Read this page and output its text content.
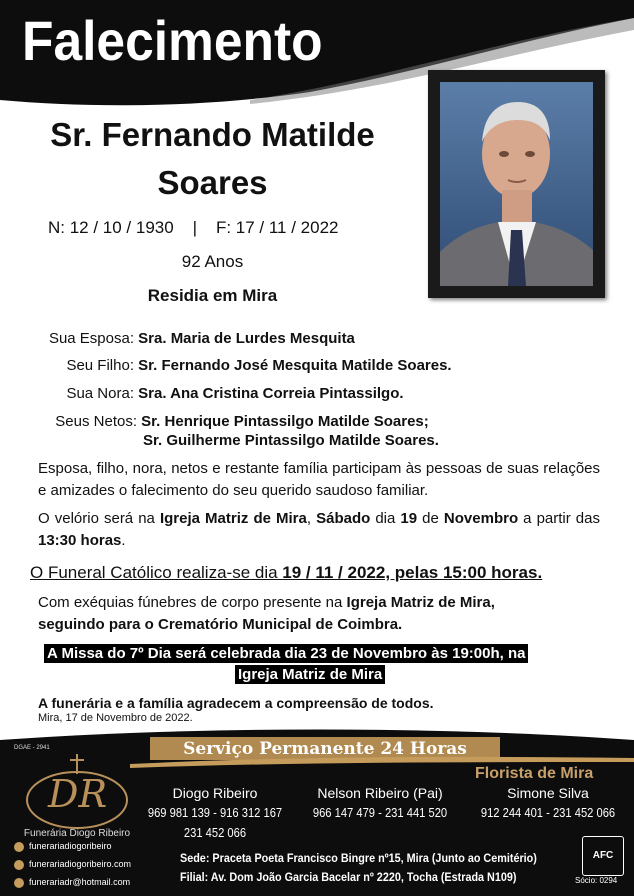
Falecimento
Sr. Fernando Matilde
Soares
N: 12 / 10 / 1930 | F: 17 / 11 / 2022
92 Anos
Residia em Mira
Sua Esposa: Sra. Maria de Lurdes Mesquita
Seu Filho: Sr. Fernando José Mesquita Matilde Soares.
Sua Nora: Sra. Ana Cristina Correia Pintassilgo.
Seus Netos: Sr. Henrique Pintassilgo Matilde Soares;
Sr. Guilherme Pintassilgo Matilde Soares.
Esposa, filho, nora, netos e restante família participam às pessoas de suas relações e amizades o falecimento do seu querido saudoso familiar.
O velório será na Igreja Matriz de Mira, Sábado dia 19 de Novembro a partir das 13:30 horas.
O Funeral Católico realiza-se dia 19 / 11 / 2022, pelas 15:00 horas.
Com exéquias fúnebres de corpo presente na Igreja Matriz de Mira,
seguindo para o Crematório Municipal de Coimbra.
A Missa do 7º Dia será celebrada dia 23 de Novembro às 19:00h, na
Igreja Matriz de Mira
A funerária e a família agradecem a compreensão de todos.
Mira, 17 de Novembro de 2022.
DGAE - 2941	Serviço Permanente 24 Horas
DR
Funerária Diogo Ribeiro
funerariadiogoribeiro
funerariadiogoribeiro.com
funerariadr@hotmail.com
Diogo Ribeiro
969 981 139 - 916 312 167
231 452 066
Nelson Ribeiro (Pai)
966 147 479 - 231 441 520
Florista de Mira
Simone Silva
912 244 401 - 231 452 066
Sede: Praceta Poeta Francisco Bingre nº15, Mira (Junto ao Cemitério)
Filial: Av. Dom João Garcia Bacelar nº 2220, Tocha (Estrada N109)
AFC
Sócio: 0294
